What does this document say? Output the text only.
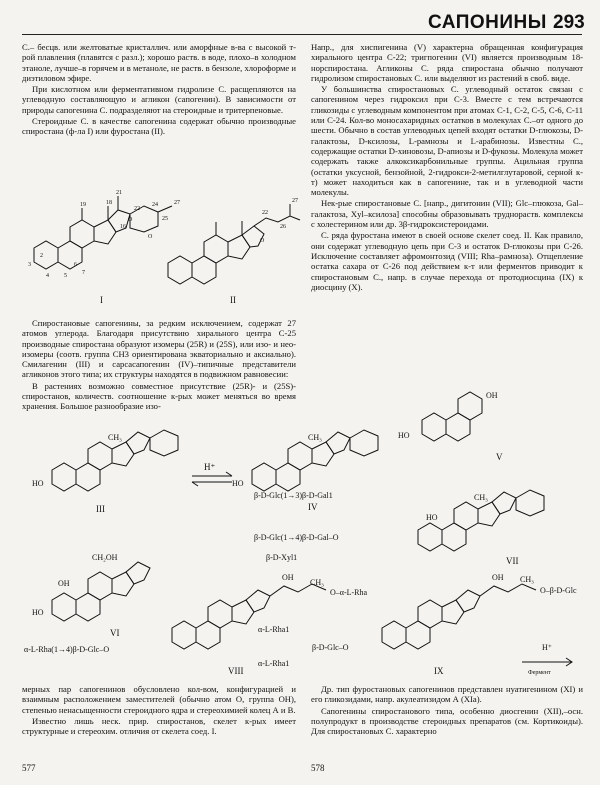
САПОНИНЫ 293

С.– бесцв. или желтоватые кристаллич. или аморфные в-ва с высокой т-рой плавления (плавятся с разл.); хорошо раств. в воде, плохо–в холодном этаноле, лучше–в горячем и в метаноле, не раств. в бензоле, хлороформе и диэтиловом эфире.

При кислотном или ферментативном гидролизе С. расщепляются на углеводную составляющую и агликон (сапогенин). В зависимости от природы сапогенина С. подразделяют на стероидные и тритерпеновые.

Стероидные С. в качестве сапогенина содержат обычно производные спиростана (ф-ла I) или фуростана (II).

19	18
21
2
3
4	5
6
7
16
22
24
25
27
O
O
22
26
27
O
I	II

Спиростановые сапогенины, за редким исключением, содержат 27 атомов углерода. Благодаря присутствию хирального центра С-25 производные спиростана образуют изомеры (25R) и (25S), или изо- и нео-изомеры (соотв. группа CH3 ориентирована экваториально и аксиально). Смилагенин (III) и сарсасапогенин (IV)–типичные представители агликонов этого типа; их структуры находятся в подвижном равновесии:

В растениях возможно совместное присутствие (25R)- и (25S)-спиростанов, количеств. соотношение к-рых может меняться во время хранения. Большое разнообразие изо-

Напр., для хиспигенина (V) характерна обращенная конфигурация хирального центра С-22; тригпогенин (VI) является производным 18-норспиростана. Агликоны С. ряда спиростана обычно получают гидролизом спиростановых С. или выделяют из растений в своб. виде.

У большинства спиростановых С. углеводный остаток связан с сапогенином через гидроксил при С-3. Вместе с тем встречаются гликозиды с углеводным компонентом при атомах С-1, С-2, С-5, С-6, С-11 или С-24. Кол-во моносахаридных остатков в молекулах С.–от одного до шести. Обычно в состав углеводных цепей входят остатки D-глюкозы, D-галактозы, D-ксилозы, L-рамнозы и L-арабинозы. Известны С., содержащие остатки D-хиновозы, D-апиозы и D-фукозы. Молекула может содержать также алкоксикарбонильные группы. Ацильная группа (остатки уксусной, бензойной, 2-гидрокси-2-метилглутаровой, серной к-т) может находиться как в сапогенине, так и в углеводной части молекулы.

Нек-рые спиростановые С. [напр., дигитонин (VII); Glc–глюкоза, Gal–галактоза, Xyl–ксилоза] способны образовывать труднораств. комплексы с холестерином или др. 3β-гидроксистероидами.

С. ряда фуростана имеют в своей основе скелет соед. II. Как правило, они содержат углеводную цепь при С-3 и остаток D-глюкозы при С-26. Исключение составляет афромонтозид (VIII; Rha–рамноза). Отщепление остатка сахара от С-26 под действием к-т или ферментов приводит к спиростановым С., напр. в случае перехода от протодиосцина (IX) к диосцину (X).

HO	HO
HO
HO
CH₃	CH₃
CH₃
CH₃	CH₃
OH
OH
OH	OH
HO
CH₂OH
H⁺
H⁺
Фермент
β-D-Glc(1→3)β-D-Gal1
β-D-Glc(1→4)β-D-Gal–O
β-D-Xyl1
O–α-L-Rha
α-L-Rha(1→4)β-D-Glc–O
O–β-D-Glc
α-L-Rha1
β-D-Glc–O
α-L-Rha1
III	IV
V
VI
VII
VIII	IX

мерных пар сапогенинов обусловлено кол-вом, конфигурацией и взаимным расположением заместителей (обычно атом О, группа ОН), степенью ненасыщенности стероидного ядра и стереохимией колец А и В.

Известно лишь неск. прир. спиростанов, скелет к-рых имеет структурные и стереохим. отличия от скелета соед. I.

577

Др. тип фуростановых сапогенинов представлен нуатигенином (XI) и его гликозидами, напр. акулеатизидом А (XIа).

Сапогенины спиростанового типа, особенно диосгенин (XII),–осн. полупродукт в производстве стероидных препаратов (см. Кортикоиды). Для спиростановых С. характерно

578
